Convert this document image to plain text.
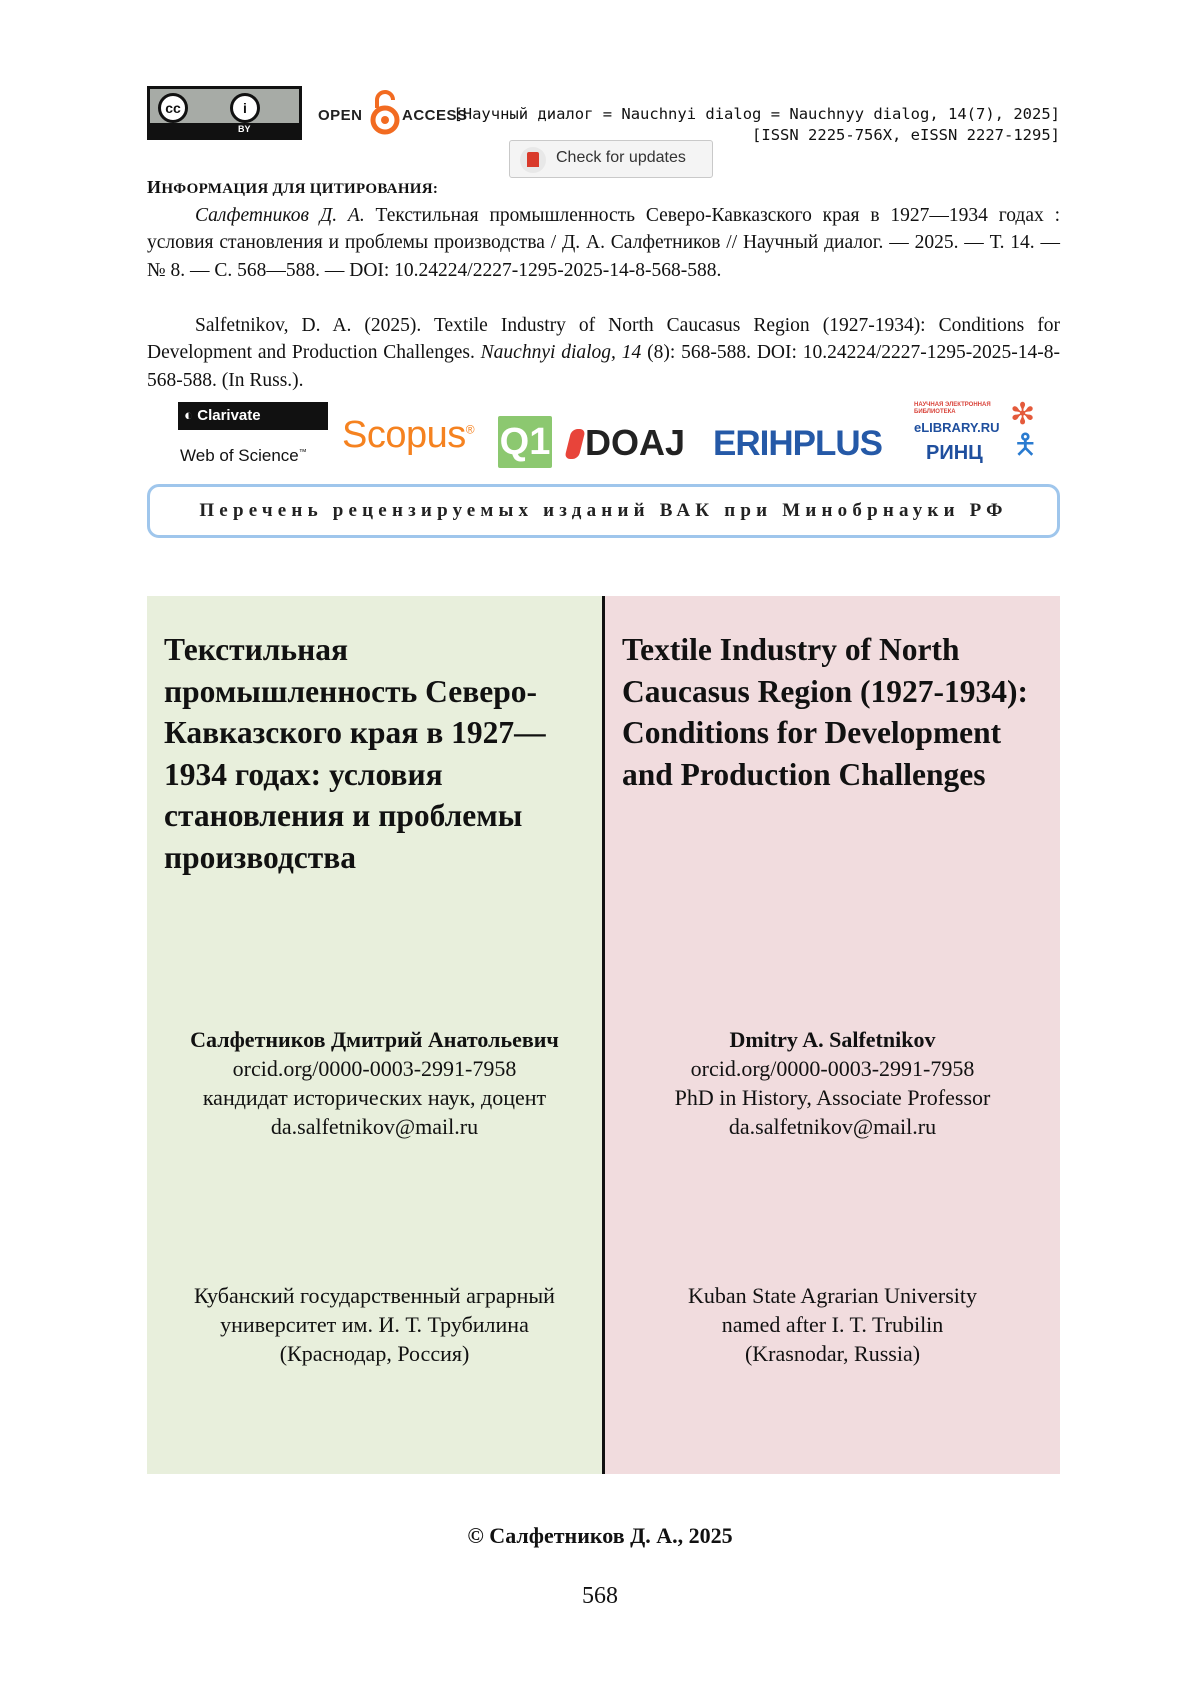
cc	i
BY
OPEN	ACCESS
[Научный диалог = Nauchnyi dialog = Nauchnyy dialog, 14(7), 2025]
[ISSN 2225-756X, eISSN 2227-1295]
Check for updates
ИНФОРМАЦИЯ ДЛЯ ЦИТИРОВАНИЯ:

Салфетников Д. А. Текстильная промышленность Северо-Кавказского края в 1927—1934 годах : условия становления и проблемы производства / Д. А. Салфетников // Научный диалог. — 2025. — Т. 14. — № 8. — С. 568—588. — DOI: 10.24224/2227-1295-2025-14-8-568-588.

Salfetnikov, D. A. (2025). Textile Industry of North Caucasus Region (1927-1934): Conditions for Development and Production Challenges. Nauchnyi dialog, 14 (8): 568-588. DOI: 10.24224/2227-1295-2025-14-8-568-588. (In Russ.).

◐ Clarivate
Web of Science™ Scopus® Q1 DOAJ ERIHPLUS
НАУЧНАЯ ЭЛЕКТРОННАЯ БИБЛИОТЕКА
eLIBRARY.RU
РИНЦ
✻
🯅
Перечень рецензируемых изданий ВАК при Минобрнауки РФ
Текстильная промышленность Северо-Кавказского края в 1927—1934 годах: условия становления и проблемы производства
Салфетников Дмитрий Анатольевич
orcid.org/0000-0003-2991-7958
кандидат исторических наук, доцент
da.salfetnikov@mail.ru
Кубанский государственный аграрный
университет им. И. Т. Трубилина
(Краснодар, Россия)
Textile Industry of North Caucasus Region (1927-1934): Conditions for Development and Production Challenges
Dmitry A. Salfetnikov
orcid.org/0000-0003-2991-7958
PhD in History, Associate Professor
da.salfetnikov@mail.ru
Kuban State Agrarian University
named after I. T. Trubilin
(Krasnodar, Russia)
© Салфетников Д. А., 2025
568
